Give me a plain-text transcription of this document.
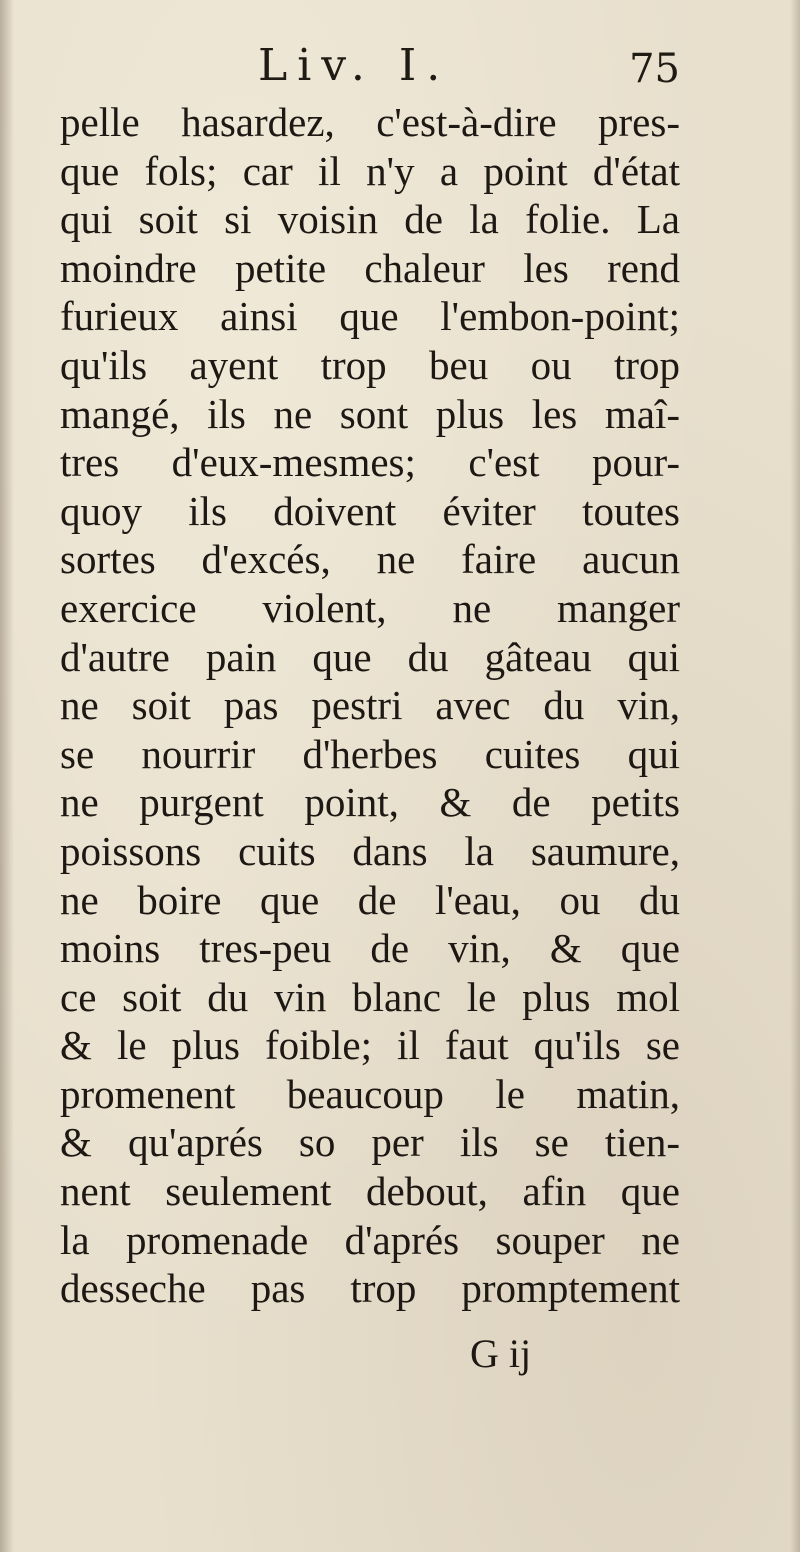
Liv. I.	75
pelle hasardez, c'est-à-dire pres-
que fols; car il n'y a point d'état
qui soit si voisin de la folie. La
moindre petite chaleur les rend
furieux ainsi que l'embon-point;
qu'ils ayent trop beu ou trop
mangé, ils ne sont plus les maî-
tres d'eux-mesmes; c'est pour-
quoy ils doivent éviter toutes
sortes d'excés, ne faire aucun
exercice violent, ne manger
d'autre pain que du gâteau qui
ne soit pas pestri avec du vin,
se nourrir d'herbes cuites qui
ne purgent point, & de petits
poissons cuits dans la saumure,
ne boire que de l'eau, ou du
moins tres-peu de vin, & que
ce soit du vin blanc le plus mol
& le plus foible; il faut qu'ils se
promenent beaucoup le matin,
& qu'aprés so per ils se tien-
nent seulement debout, afin que
la promenade d'aprés souper ne
desseche pas trop promptement
G ij
